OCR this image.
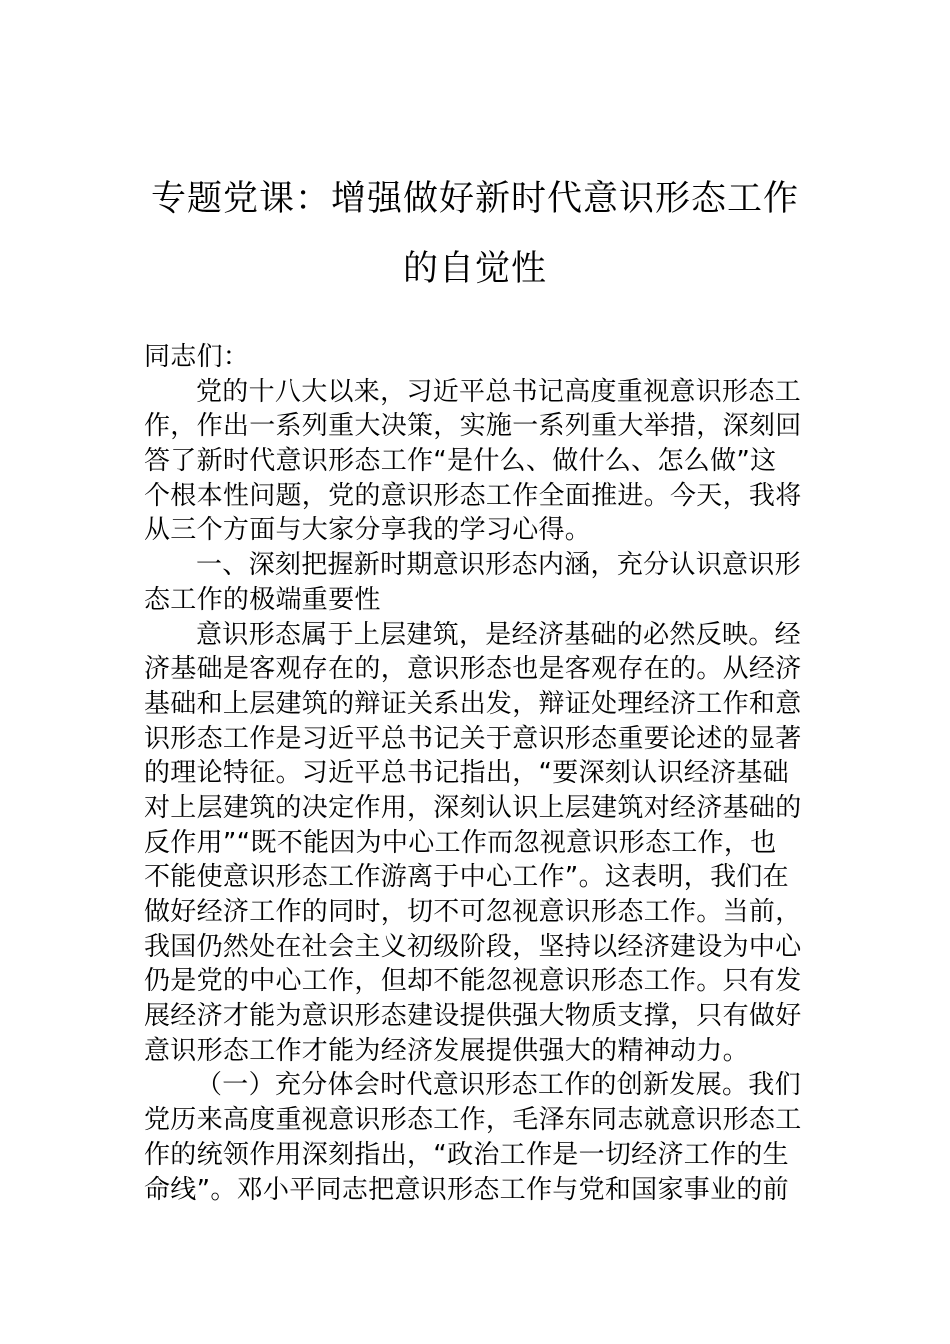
专题党课：增强做好新时代意识形态工作
的自觉性
同志们：
党的十八大以来，习近平总书记高度重视意识形态工
作，作出一系列重大决策，实施一系列重大举措，深刻回
答了新时代意识形态工作“是什么、做什么、怎么做”这
个根本性问题，党的意识形态工作全面推进。今天，我将
从三个方面与大家分享我的学习心得。
一、深刻把握新时期意识形态内涵，充分认识意识形
态工作的极端重要性
意识形态属于上层建筑，是经济基础的必然反映。经
济基础是客观存在的，意识形态也是客观存在的。从经济
基础和上层建筑的辩证关系出发，辩证处理经济工作和意
识形态工作是习近平总书记关于意识形态重要论述的显著
的理论特征。习近平总书记指出，“要深刻认识经济基础
对上层建筑的决定作用，深刻认识上层建筑对经济基础的
反作用”“既不能因为中心工作而忽视意识形态工作，也
不能使意识形态工作游离于中心工作”。这表明，我们在
做好经济工作的同时，切不可忽视意识形态工作。当前，
我国仍然处在社会主义初级阶段，坚持以经济建设为中心
仍是党的中心工作，但却不能忽视意识形态工作。只有发
展经济才能为意识形态建设提供强大物质支撑，只有做好
意识形态工作才能为经济发展提供强大的精神动力。
（一）充分体会时代意识形态工作的创新发展。我们
党历来高度重视意识形态工作，毛泽东同志就意识形态工
作的统领作用深刻指出，“政治工作是一切经济工作的生
命线”。邓小平同志把意识形态工作与党和国家事业的前
